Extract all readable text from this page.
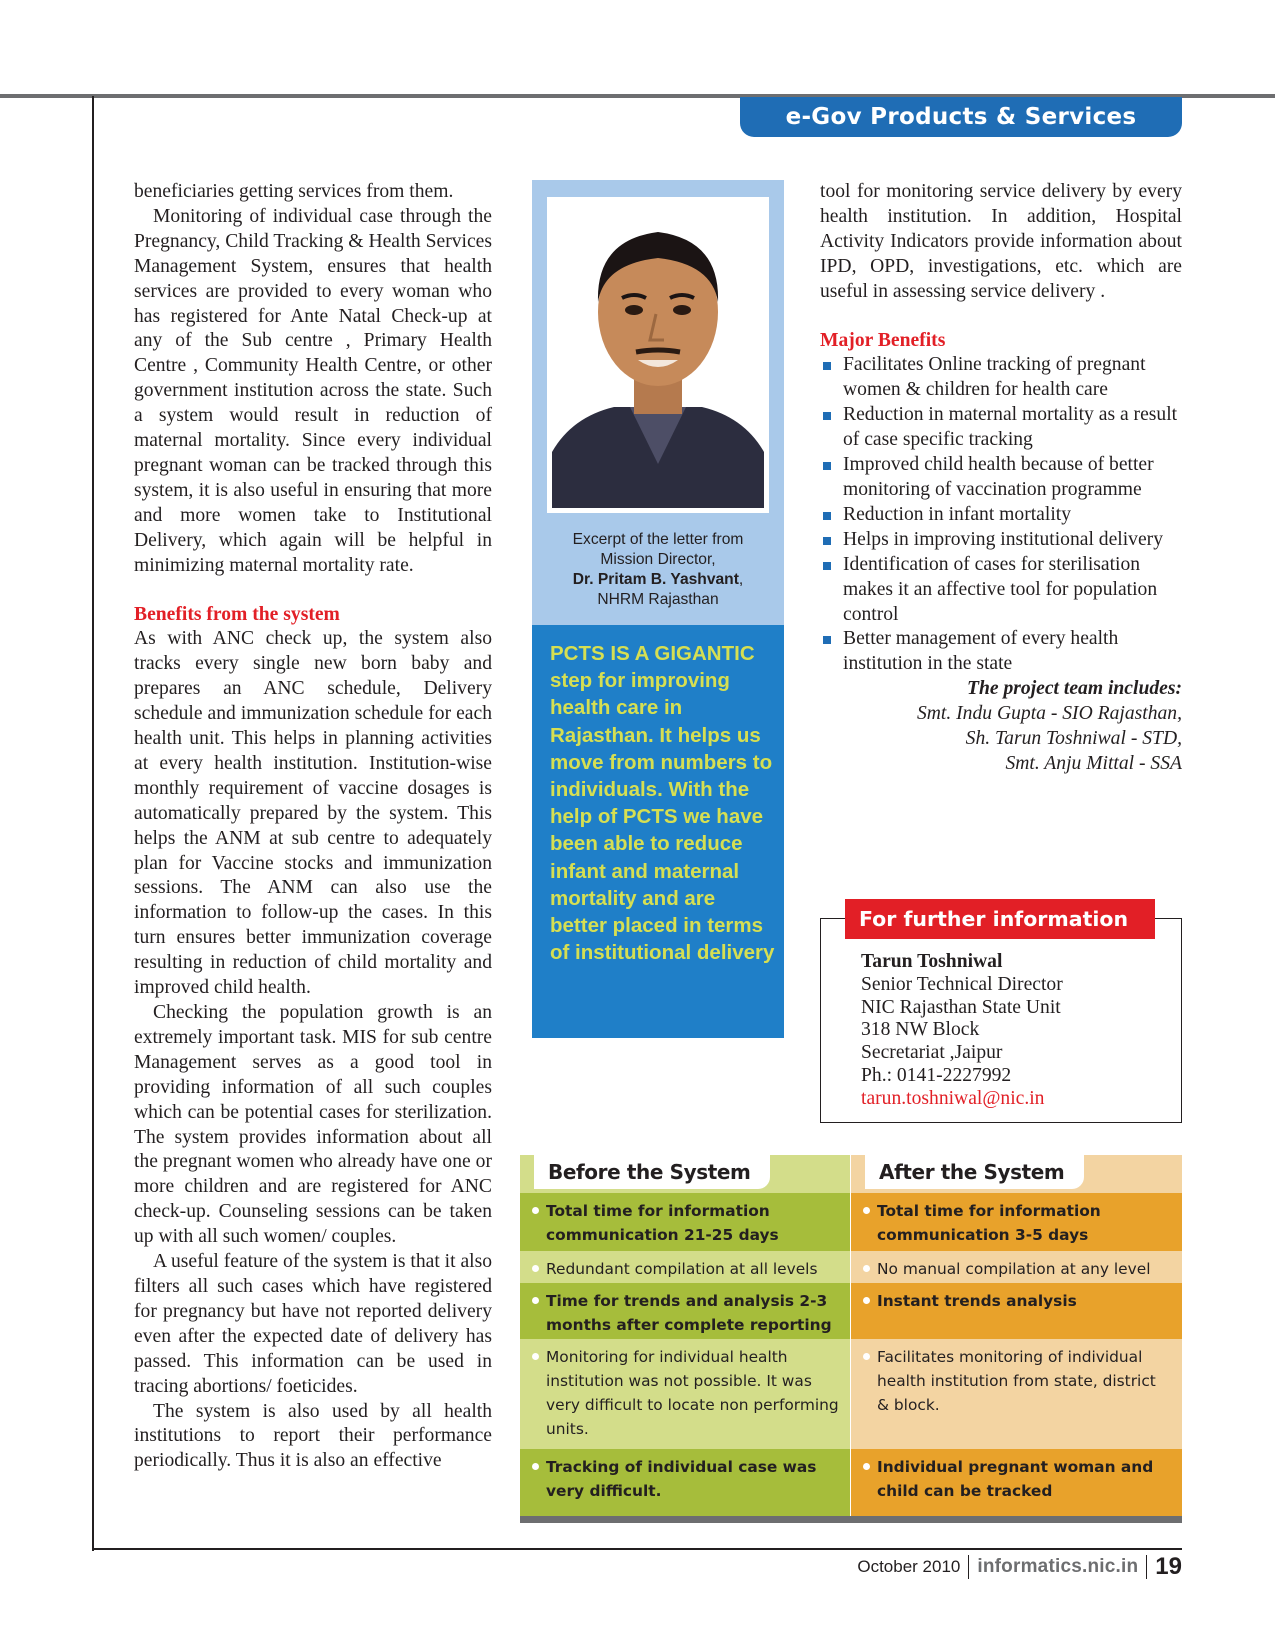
e-Gov Products & Services

beneficiaries getting services from them.

Monitoring of individual case through the Pregnancy, Child Tracking & Health Services Management System, ensures that health services are provided to every woman who has registered for Ante Natal Check-up at any of the Sub centre , Primary Health Centre , Community Health Centre, or other government institution across the state. Such a system would result in reduction of maternal mortality. Since every individual pregnant woman can be tracked through this system, it is also useful in ensuring that more and more women take to Institutional Delivery, which again will be helpful in minimizing maternal mortality rate.

Benefits from the system

As with ANC check up, the system also tracks every single new born baby and prepares an ANC schedule, Delivery schedule and immunization schedule for each health unit. This helps in planning activities at every health institution. Institution-wise monthly requirement of vaccine dosages is automatically prepared by the system. This helps the ANM at sub centre to adequately plan for Vaccine stocks and immunization sessions. The ANM can also use the information to follow-up the cases. In this turn ensures better immunization coverage resulting in reduction of child mortality and improved child health.

Checking the population growth is an extremely important task. MIS for sub centre Management serves as a good tool in providing information of all such couples which can be potential cases for sterilization. The system provides information about all the pregnant women who already have one or more children and are registered for ANC check-up. Counseling sessions can be taken up with all such women/ couples.

A useful feature of the system is that it also filters all such cases which have registered for pregnancy but have not reported delivery even after the expected date of delivery has passed. This information can be used in tracing abortions/ foeticides.

The system is also used by all health institutions to report their performance periodically. Thus it is also an effective

Excerpt of the letter from
Mission Director,
Dr. Pritam B. Yashvant,
NHRM Rajasthan
PCTS IS A GIGANTIC step for improving health care in Rajasthan. It helps us move from numbers to individuals. With the help of PCTS we have been able to reduce infant and maternal mortality and are better placed in terms of institutional delivery

tool for monitoring service delivery by every health institution. In addition, Hospital Activity Indicators provide information about IPD, OPD, investigations, etc. which are useful in assessing service delivery .

Major Benefits

Facilitates Online tracking of pregnant women & children for health care
Reduction in maternal mortality as a result of case specific tracking
Improved child health because of better monitoring of vaccination programme
Reduction in infant mortality
Helps in improving institutional delivery
Identification of cases for sterilisation makes it an affective tool for population control
Better management of every health institution in the state
The project team includes:
Smt. Indu Gupta - SIO Rajasthan,
Sh. Tarun Toshniwal - STD,
Smt. Anju Mittal - SSA
For further information
Tarun Toshniwal
Senior Technical Director
NIC Rajasthan State Unit
318 NW Block
Secretariat ,Jaipur
Ph.: 0141-2227992
tarun.toshniwal@nic.in
Before the System
Total time for information communication 21-25 days
Redundant compilation at all levels
Time for trends and analysis 2-3 months after complete reporting
Monitoring for individual health institution was not possible. It was very difficult to locate non performing units.
Tracking of individual case was very difficult.
After the System
Total time for information communication 3-5 days
No manual compilation at any level
Instant trends analysis
Facilitates monitoring of individual health institution from state, district & block.
Individual pregnant woman and child can be tracked
October 2010 informatics.nic.in 19
